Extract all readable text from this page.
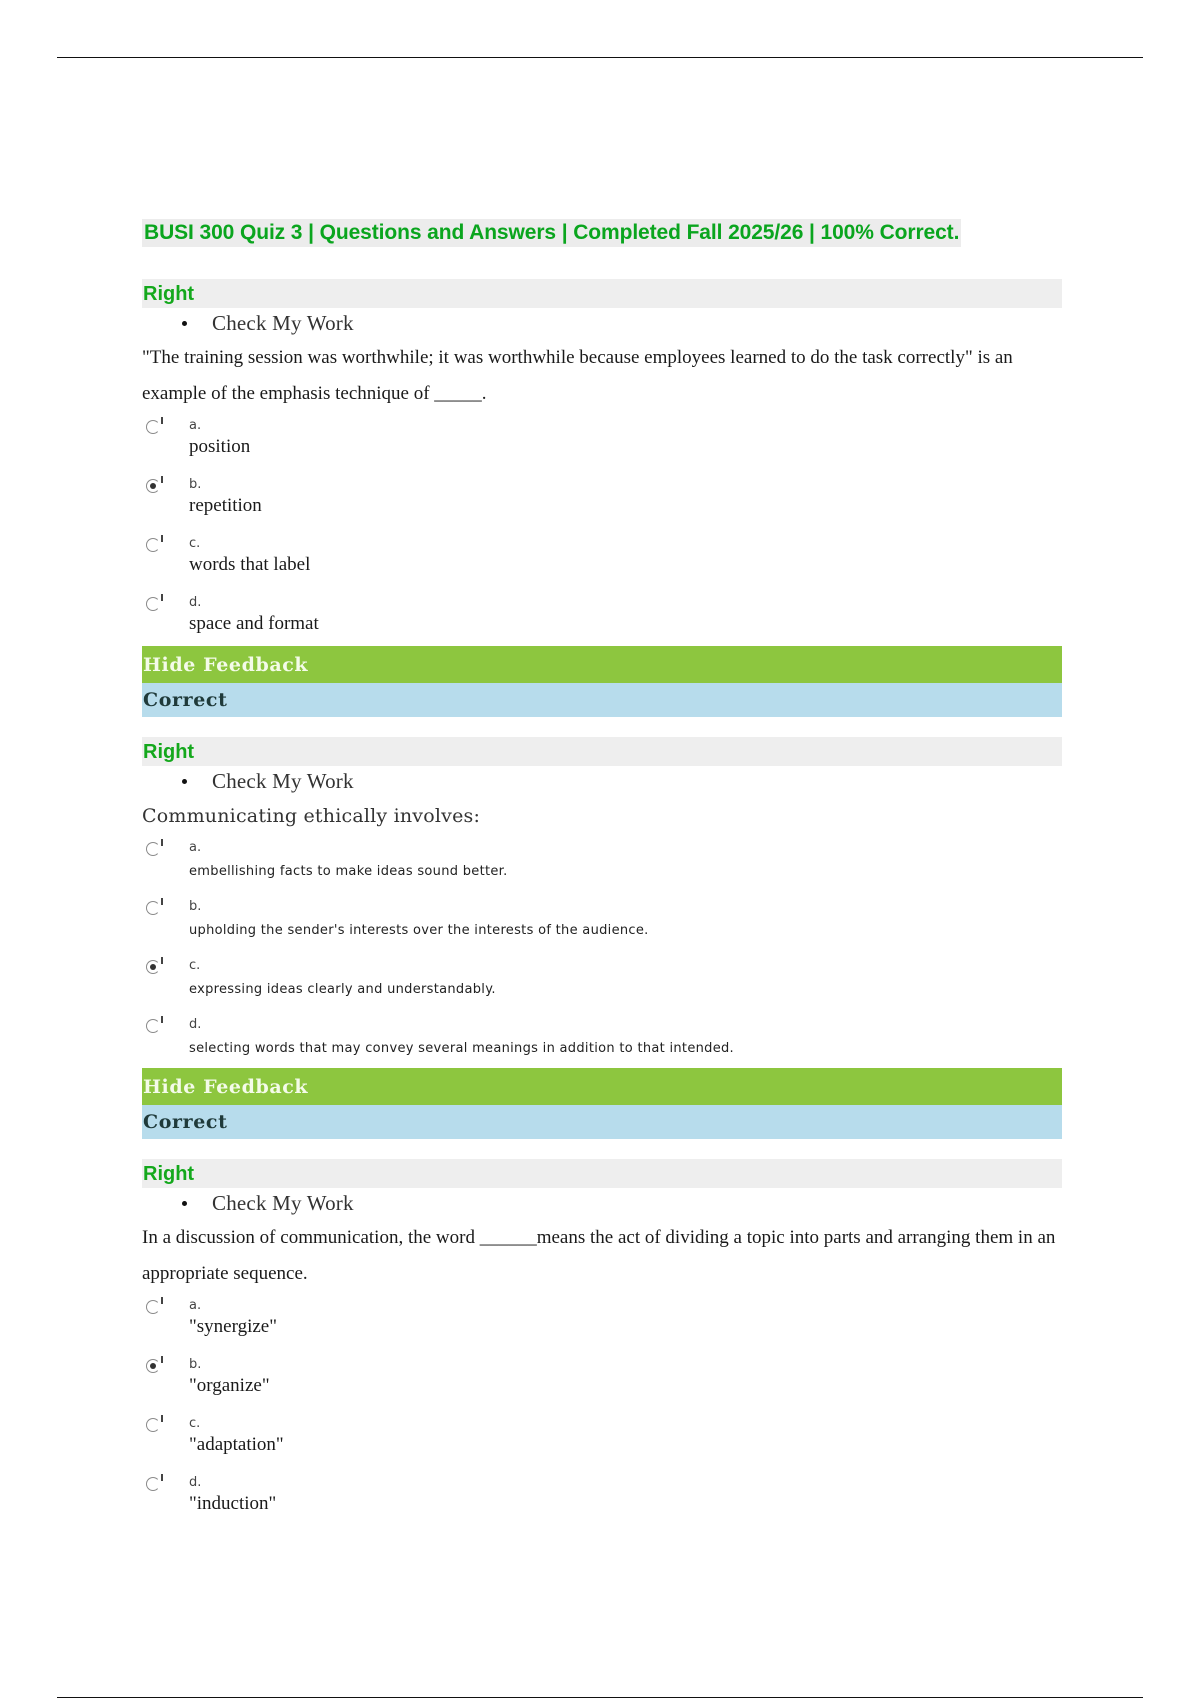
BUSI 300 Quiz 3 | Questions and Answers | Completed Fall 2025/26 | 100% Correct.
Right
Check My Work
"The training session was worthwhile; it was worthwhile because employees learned to do the task correctly" is an example of the emphasis technique of _____.
a.
position
b.
repetition
c.
words that label
d.
space and format
Hide Feedback
Correct
Right
Check My Work
Communicating ethically involves:
a.
embellishing facts to make ideas sound better.
b.
upholding the sender's interests over the interests of the audience.
c.
expressing ideas clearly and understandably.
d.
selecting words that may convey several meanings in addition to that intended.
Hide Feedback
Correct
Right
Check My Work
In a discussion of communication, the word ______means the act of dividing a topic into parts and arranging them in an appropriate sequence.
a.
"synergize"
b.
"organize"
c.
"adaptation"
d.
"induction"
